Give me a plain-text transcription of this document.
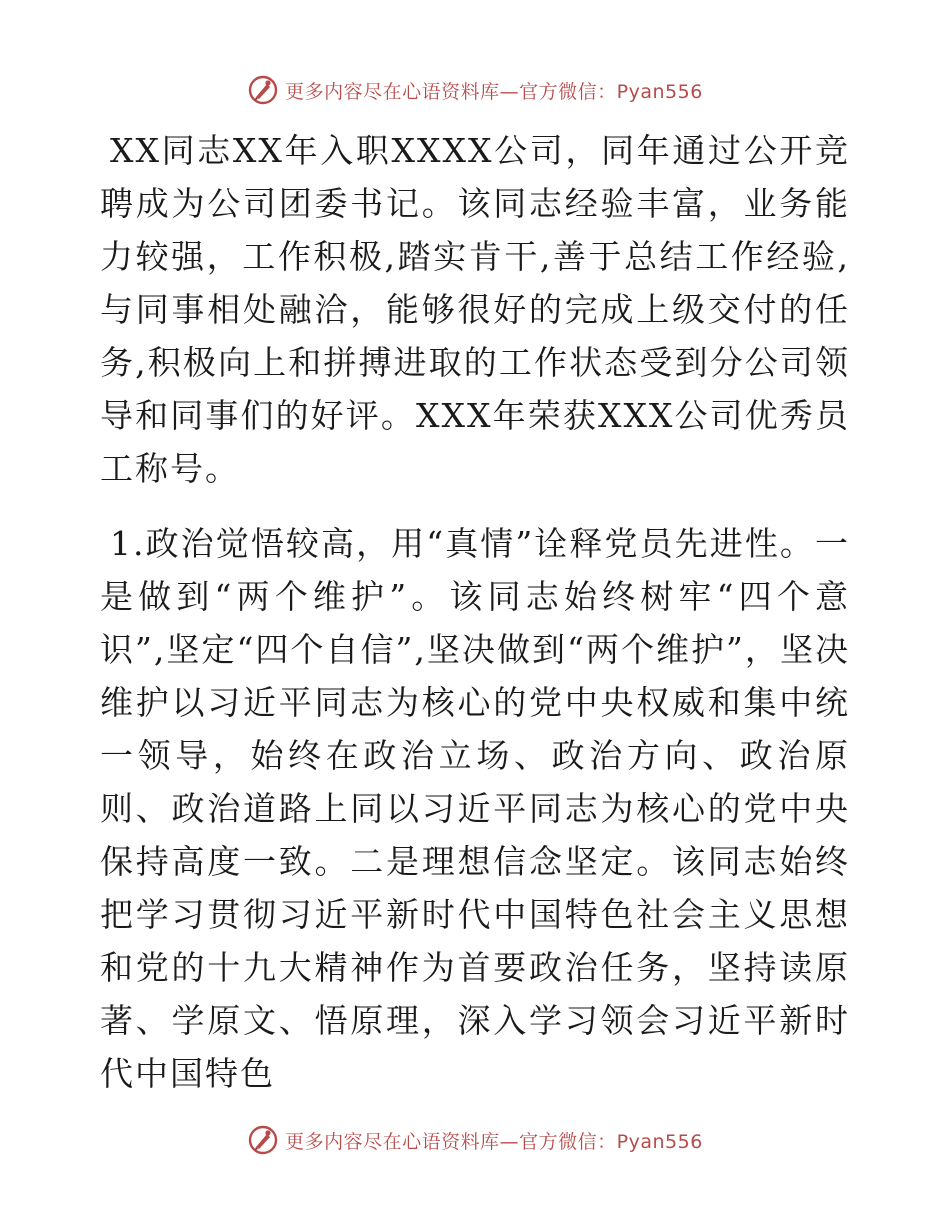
更多内容尽在心语资料库—官方微信：Pyan556

XX同志XX年入职XXXX公司，同年通过公开竞聘成为公司团委书记。该同志经验丰富，业务能力较强，工作积极,踏实肯干,善于总结工作经验,与同事相处融洽，能够很好的完成上级交付的任务,积极向上和拼搏进取的工作状态受到分公司领导和同事们的好评。XXX年荣获XXX公司优秀员工称号。

1.政治觉悟较高，用“真情”诠释党员先进性。一是做到“两个维护”。该同志始终树牢“四个意识”,坚定“四个自信”,坚决做到“两个维护”，坚决维护以习近平同志为核心的党中央权威和集中统一领导，始终在政治立场、政治方向、政治原则、政治道路上同以习近平同志为核心的党中央保持高度一致。二是理想信念坚定。该同志始终把学习贯彻习近平新时代中国特色社会主义思想和党的十九大精神作为首要政治任务，坚持读原著、学原文、悟原理，深入学习领会习近平新时代中国特色

更多内容尽在心语资料库—官方微信：Pyan556
